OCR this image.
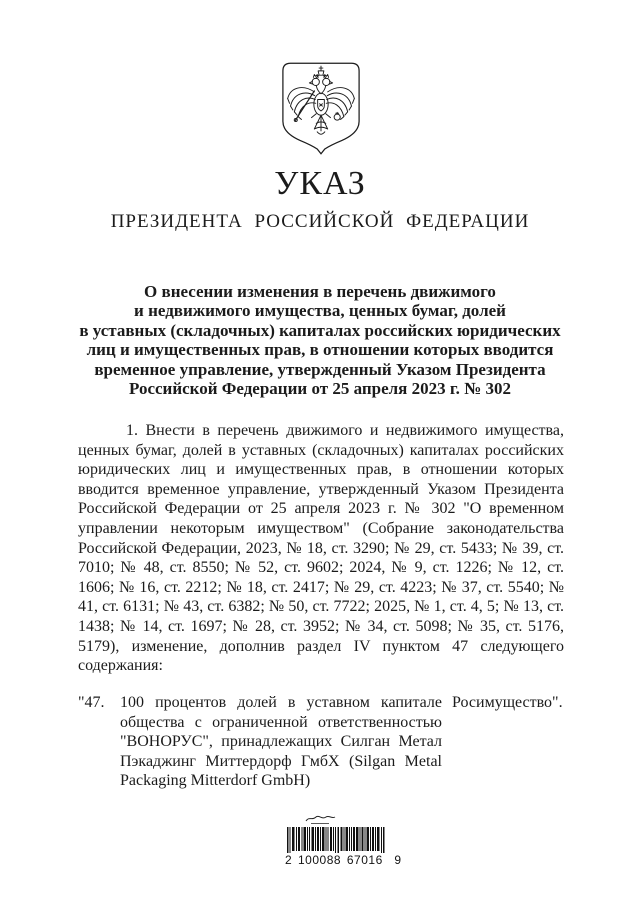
УКАЗ
ПРЕЗИДЕНТА РОССИЙСКОЙ ФЕДЕРАЦИИ
О внесении изменения в перечень движимого
и недвижимого имущества, ценных бумаг, долей
в уставных (складочных) капиталах российских юридических
лиц и имущественных прав, в отношении которых вводится
временное управление, утвержденный Указом Президента
Российской Федерации от 25 апреля 2023 г. № 302
1. Внести в перечень движимого и недвижимого имущества, ценных бумаг, долей в уставных (складочных) капиталах российских юридических лиц и имущественных прав, в отношении которых вводится временное управление, утвержденный Указом Президента Российской Федерации от 25 апреля 2023 г. № 302 "О временном управлении некоторым имуществом" (Собрание законодательства Российской Федерации, 2023, № 18, ст. 3290; № 29, ст. 5433; № 39, ст. 7010; № 48, ст. 8550; № 52, ст. 9602; 2024, № 9, ст. 1226; № 12, ст. 1606; № 16, ст. 2212; № 18, ст. 2417; № 29, ст. 4223; № 37, ст. 5540; № 41, ст. 6131; № 43, ст. 6382; № 50, ст. 7722; 2025, № 1, ст. 4, 5; № 13, ст. 1438; № 14, ст. 1697; № 28, ст. 3952; № 34, ст. 5098; № 35, ст. 5176, 5179), изменение, дополнив раздел IV пунктом 47 следующего содержания:
"47. 100 процентов долей в уставном капитале общества с ограниченной ответственностью "ВОНОРУС", принадлежащих Силган Метал Пэкаджинг Миттердорф ГмбХ (Silgan Metal Packaging Mitterdorf GmbH)
Росимущество".
2 100088 67016  9
